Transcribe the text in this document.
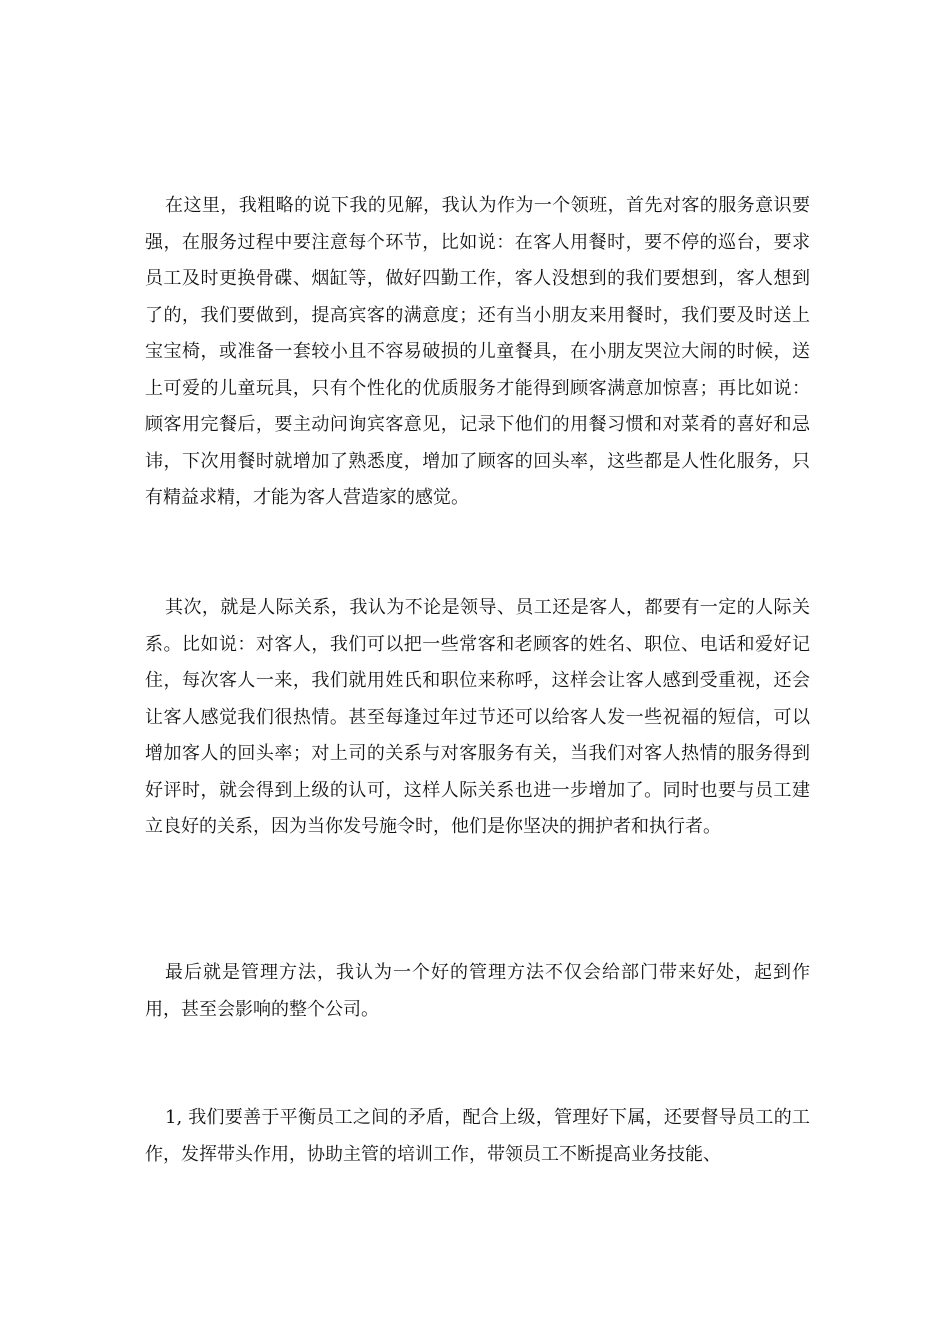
在这里，我粗略的说下我的见解，我认为作为一个领班，首先对客的服务意识要强，在服务过程中要注意每个环节，比如说：在客人用餐时，要不停的巡台，要求员工及时更换骨碟、烟缸等，做好四勤工作，客人没想到的我们要想到，客人想到了的，我们要做到，提高宾客的满意度；还有当小朋友来用餐时，我们要及时送上宝宝椅，或准备一套较小且不容易破损的儿童餐具，在小朋友哭泣大闹的时候，送上可爱的儿童玩具，只有个性化的优质服务才能得到顾客满意加惊喜；再比如说：顾客用完餐后，要主动问询宾客意见，记录下他们的用餐习惯和对菜肴的喜好和忌讳，下次用餐时就增加了熟悉度，增加了顾客的回头率，这些都是人性化服务，只有精益求精，才能为客人营造家的感觉。

其次，就是人际关系，我认为不论是领导、员工还是客人，都要有一定的人际关系。比如说：对客人，我们可以把一些常客和老顾客的姓名、职位、电话和爱好记住，每次客人一来，我们就用姓氏和职位来称呼，这样会让客人感到受重视，还会让客人感觉我们很热情。甚至每逢过年过节还可以给客人发一些祝福的短信，可以增加客人的回头率；对上司的关系与对客服务有关，当我们对客人热情的服务得到好评时，就会得到上级的认可，这样人际关系也进一步增加了。同时也要与员工建立良好的关系，因为当你发号施令时，他们是你坚决的拥护者和执行者。

最后就是管理方法，我认为一个好的管理方法不仅会给部门带来好处，起到作用，甚至会影响的整个公司。

1, 我们要善于平衡员工之间的矛盾，配合上级，管理好下属，还要督导员工的工作，发挥带头作用，协助主管的培训工作，带领员工不断提高业务技能、
